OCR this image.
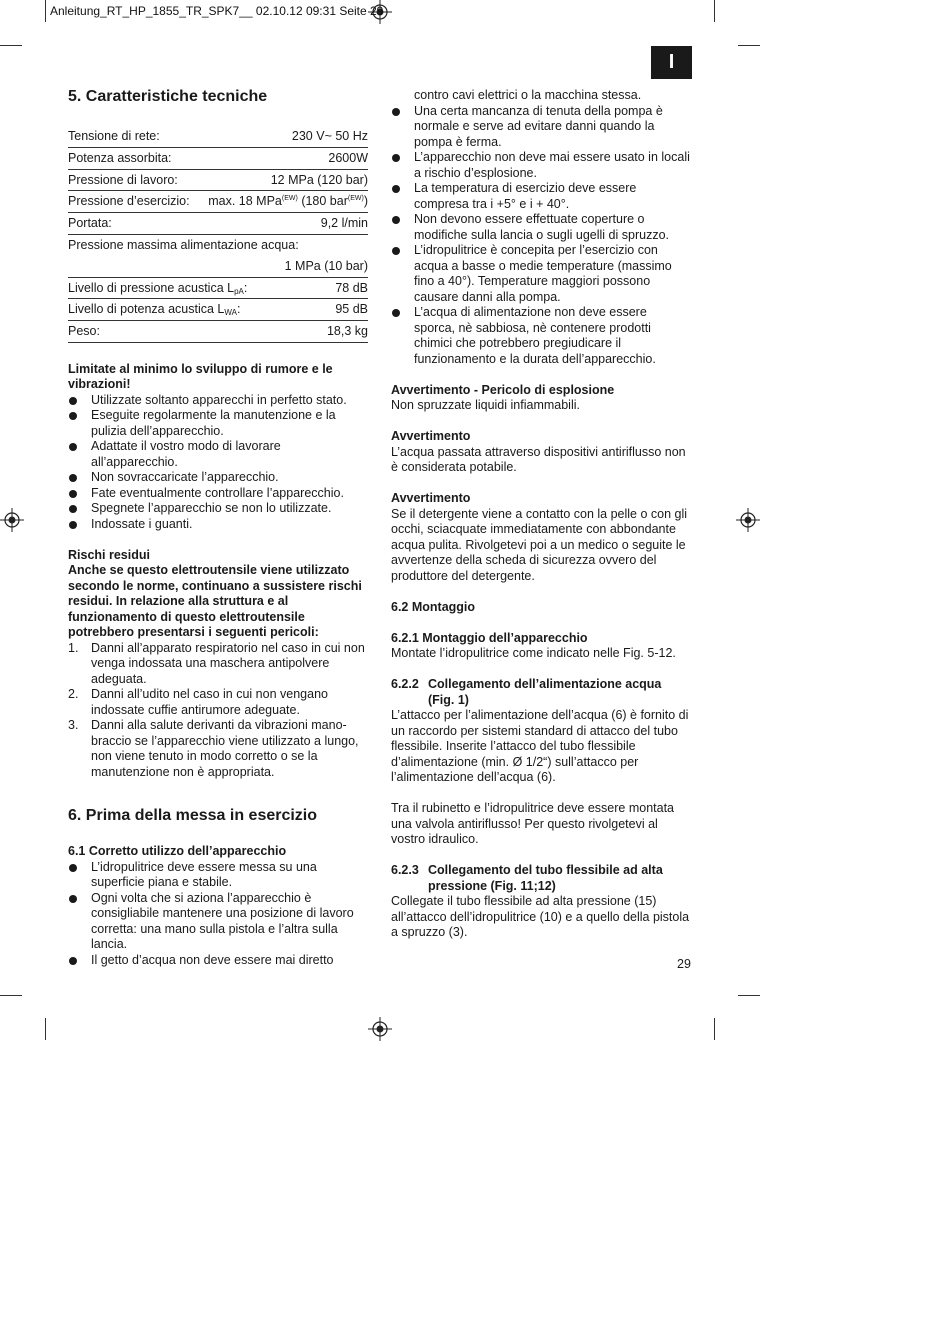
Anleitung_RT_HP_1855_TR_SPK7__ 02.10.12 09:31 Seite 29
I
5. Caratteristiche tecniche
Tensione di rete:	230 V~ 50 Hz
Potenza assorbita:	2600W
Pressione di lavoro:	12 MPa (120 bar)
Pressione d’esercizio: max. 18 MPa$^{(EW)}$ (180 bar$^{(EW)}$)
Portata:	9,2 l/min
Pressione massima alimentazione acqua:
1 MPa (10 bar)
Livello di pressione acustica $L_{pA}$:	78 dB
Livello di potenza acustica $L_{WA}$:	95 dB
Peso:	18,3 kg

Limitate al minimo lo sviluppo di rumore e le vibrazioni!

Utilizzate soltanto apparecchi in perfetto stato.
Eseguite regolarmente la manutenzione e la pulizia dell’apparecchio.
Adattate il vostro modo di lavorare all’apparecchio.
Non sovraccaricate l’apparecchio.
Fate eventualmente controllare l’apparecchio.
Spegnete l’apparecchio se non lo utilizzate.
Indossate i guanti.

Rischi residui

Anche se questo elettroutensile viene utilizzato secondo le norme, continuano a sussistere rischi residui. In relazione alla struttura e al funzionamento di questo elettroutensile potrebbero presentarsi i seguenti pericoli:

1. Danni all’apparato respiratorio nel caso in cui non venga indossata una maschera antipolvere adeguata.
2. Danni all’udito nel caso in cui non vengano indossate cuffie antirumore adeguate.
3. Danni alla salute derivanti da vibrazioni mano-braccio se l’apparecchio viene utilizzato a lungo, non viene tenuto in modo corretto o se la manutenzione non è appropriata.
6. Prima della messa in esercizio

6.1 Corretto utilizzo dell’apparecchio

L’idropulitrice deve essere messa su una superficie piana e stabile.
Ogni volta che si aziona l’apparecchio è consigliabile mantenere una posizione di lavoro corretta: una mano sulla pistola e l’altra sulla lancia.
Il getto d’acqua non deve essere mai diretto

contro cavi elettrici o la macchina stessa.

Una certa mancanza di tenuta della pompa è normale e serve ad evitare danni quando la pompa è ferma.
L’apparecchio non deve mai essere usato in locali a rischio d’esplosione.
La temperatura di esercizio deve essere compresa tra i +5° e i + 40°.
Non devono essere effettuate coperture o modifiche sulla lancia o sugli ugelli di spruzzo.
L’idropulitrice è concepita per l’esercizio con acqua a basse o medie temperature (massimo fino a 40°). Temperature maggiori possono causare danni alla pompa.
L’acqua di alimentazione non deve essere sporca, nè sabbiosa, nè contenere prodotti chimici che potrebbero pregiudicare il funzionamento e la durata dell’apparecchio.

Avvertimento - Pericolo di esplosione

Non spruzzate liquidi infiammabili.

Avvertimento

L’acqua passata attraverso dispositivi antiriflusso non è considerata potabile.

Avvertimento

Se il detergente viene a contatto con la pelle o con gli occhi, sciacquate immediatamente con abbondante acqua pulita. Rivolgetevi poi a un medico o seguite le avvertenze della scheda di sicurezza ovvero del produttore del detergente.

6.2 Montaggio

6.2.1 Montaggio dell’apparecchio

Montate l’idropulitrice come indicato nelle Fig. 5-12.

6.2.2 Collegamento dell’alimentazione acqua (Fig. 1)

L’attacco per l’alimentazione dell’acqua (6) è fornito di un raccordo per sistemi standard di attacco del tubo flessibile. Inserite l’attacco del tubo flessibile d’alimentazione (min. Ø 1/2“) sull’attacco per l’alimentazione dell’acqua (6).

Tra il rubinetto e l’idropulitrice deve essere montata una valvola antiriflusso! Per questo rivolgetevi al vostro idraulico.

6.2.3 Collegamento del tubo flessibile ad alta pressione (Fig. 11;12)

Collegate il tubo flessibile ad alta pressione (15) all’attacco dell’idropulitrice (10) e a quello della pistola a spruzzo (3).

29
